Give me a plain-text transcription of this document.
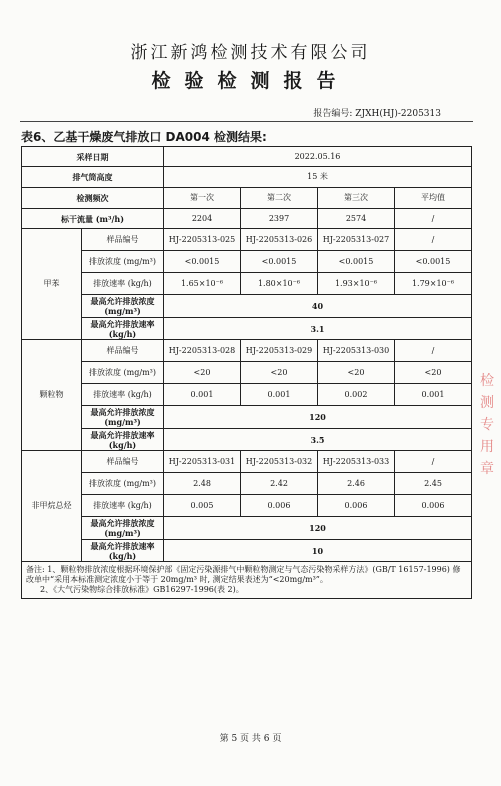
浙江新鸿检测技术有限公司
检验检测报告
报告编号: ZJXH(HJ)-2205313
表6、乙基干燥废气排放口 DA004 检测结果:
采样日期		2022.05.16			
排气筒高度		15 米			
检测频次		第一次	第二次	第三次	平均值
标干流量 (m³/h)		2204	2397	2574	/
甲苯	样品编号	HJ-2205313-025	HJ-2205313-026	HJ-2205313-027	/
	排放浓度 (mg/m³)	<0.0015	<0.0015	<0.0015	<0.0015
	排放速率 (kg/h)	1.65×10⁻⁶	1.80×10⁻⁶	1.93×10⁻⁶	1.79×10⁻⁶
	最高允许排放浓度 (mg/m³)	40			
	最高允许排放速率 (kg/h)	3.1			
颗粒物	样品编号	HJ-2205313-028	HJ-2205313-029	HJ-2205313-030	/
	排放浓度 (mg/m³)	<20	<20	<20	<20
	排放速率 (kg/h)	0.001	0.001	0.002	0.001
	最高允许排放浓度 (mg/m³)	120			
	最高允许排放速率 (kg/h)	3.5			
非甲烷总烃	样品编号	HJ-2205313-031	HJ-2205313-032	HJ-2205313-033	/
	排放浓度 (mg/m³)	2.48	2.42	2.46	2.45
	排放速率 (kg/h)	0.005	0.006	0.006	0.006
	最高允许排放浓度 (mg/m³)	120			
	最高允许排放速率 (kg/h)	10			

备注: 1、颗粒物排放浓度根据环境保护部《固定污染源排气中颗粒物测定与气态污染物采样方法》(GB/T 16157-1996) 修改单中“采用本标准测定浓度小于等于 20mg/m³ 时, 测定结果表述为“<20mg/m³”。
2、《大气污染物综合排放标准》GB16297-1996(表 2)。					
第 5 页 共 6 页
检
测
专
用
章
